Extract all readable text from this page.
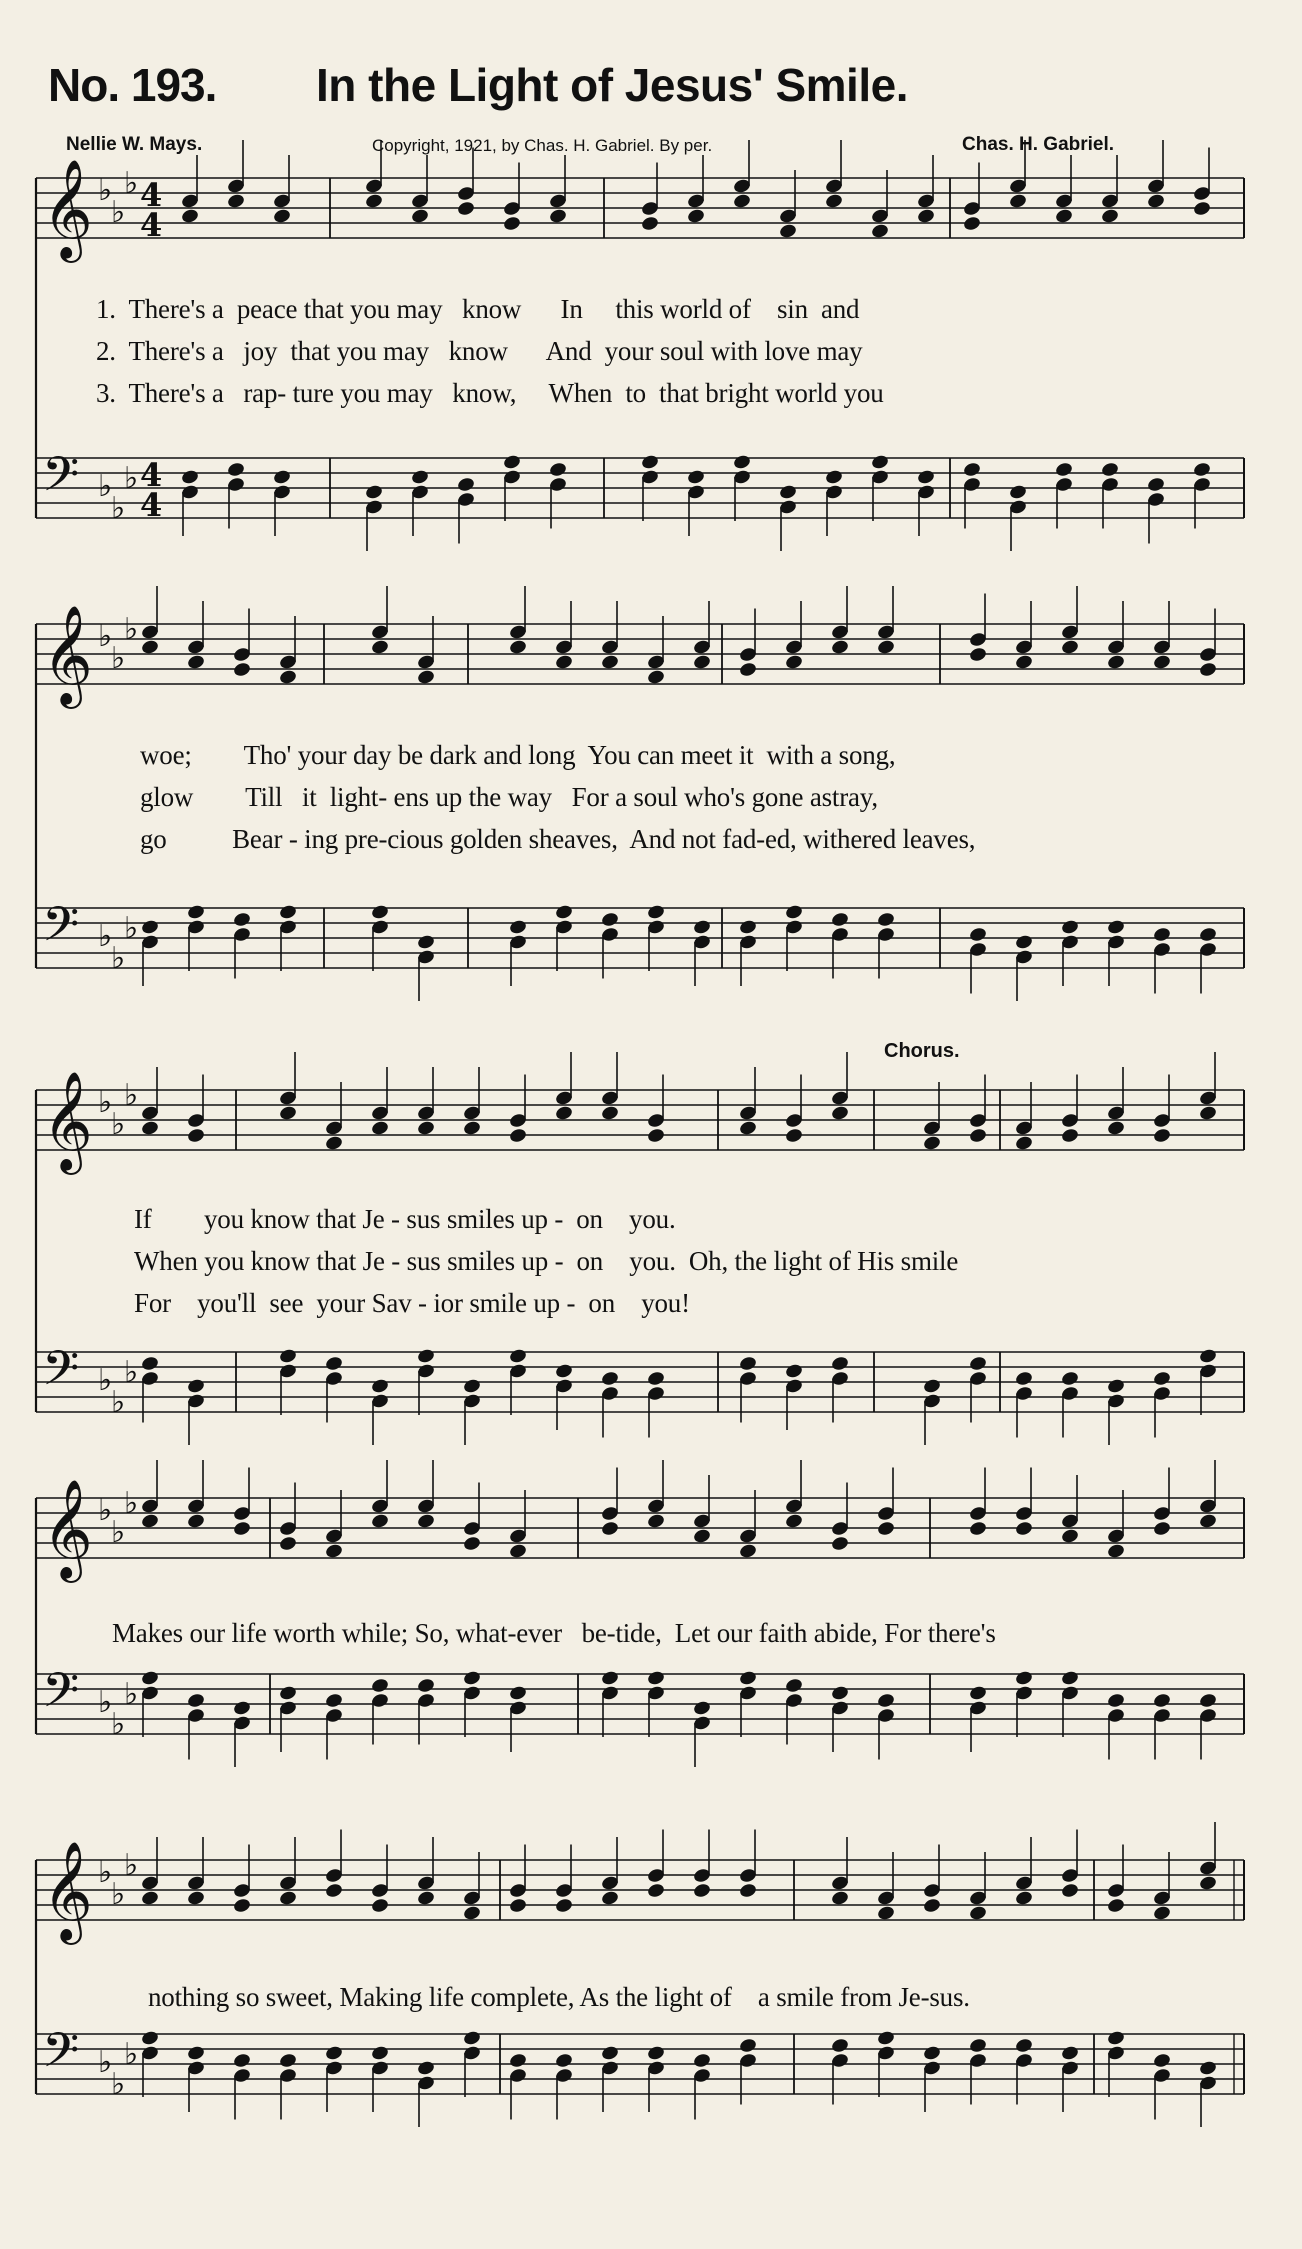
No. 193. In the Light of Jesus' Smile.
Nellie W. Mays.	Copyright, 1921, by Chas. H. Gabriel. By per.	Chas. H. Gabriel.
𝄞 ♭
♭
♭
𝄢 ♭
♭
♭
4
4
4
4
𝄞 ♭
♭
♭
𝄢 ♭
♭
♭
𝄞 ♭
♭
♭
𝄢 ♭
♭
♭
𝄞 ♭
♭
♭
𝄢 ♭
♭
♭
𝄞 ♭
♭
♭
𝄢 ♭
♭
♭
1.  There's a  peace that you may   know      In     this world of    sin  and
2.  There's a   joy  that you may   know      And  your soul with love may
3.  There's a   rap- ture you may   know,     When  to  that bright world you
woe;        Tho' your day be dark and long  You can meet it  with a song,
glow        Till   it  light- ens up the way   For a soul who's gone astray,
go          Bear - ing pre-cious golden sheaves,  And not fad-ed, withered leaves,
Chorus.
If        you know that Je - sus smiles up -  on    you.
When you know that Je - sus smiles up -  on    you.  Oh, the light of His smile
For    you'll  see  your Sav - ior smile up -  on    you!
Makes our life worth while; So, what-ever   be-tide,  Let our faith abide, For there's
nothing so sweet, Making life complete, As the light of    a smile from Je-sus.
